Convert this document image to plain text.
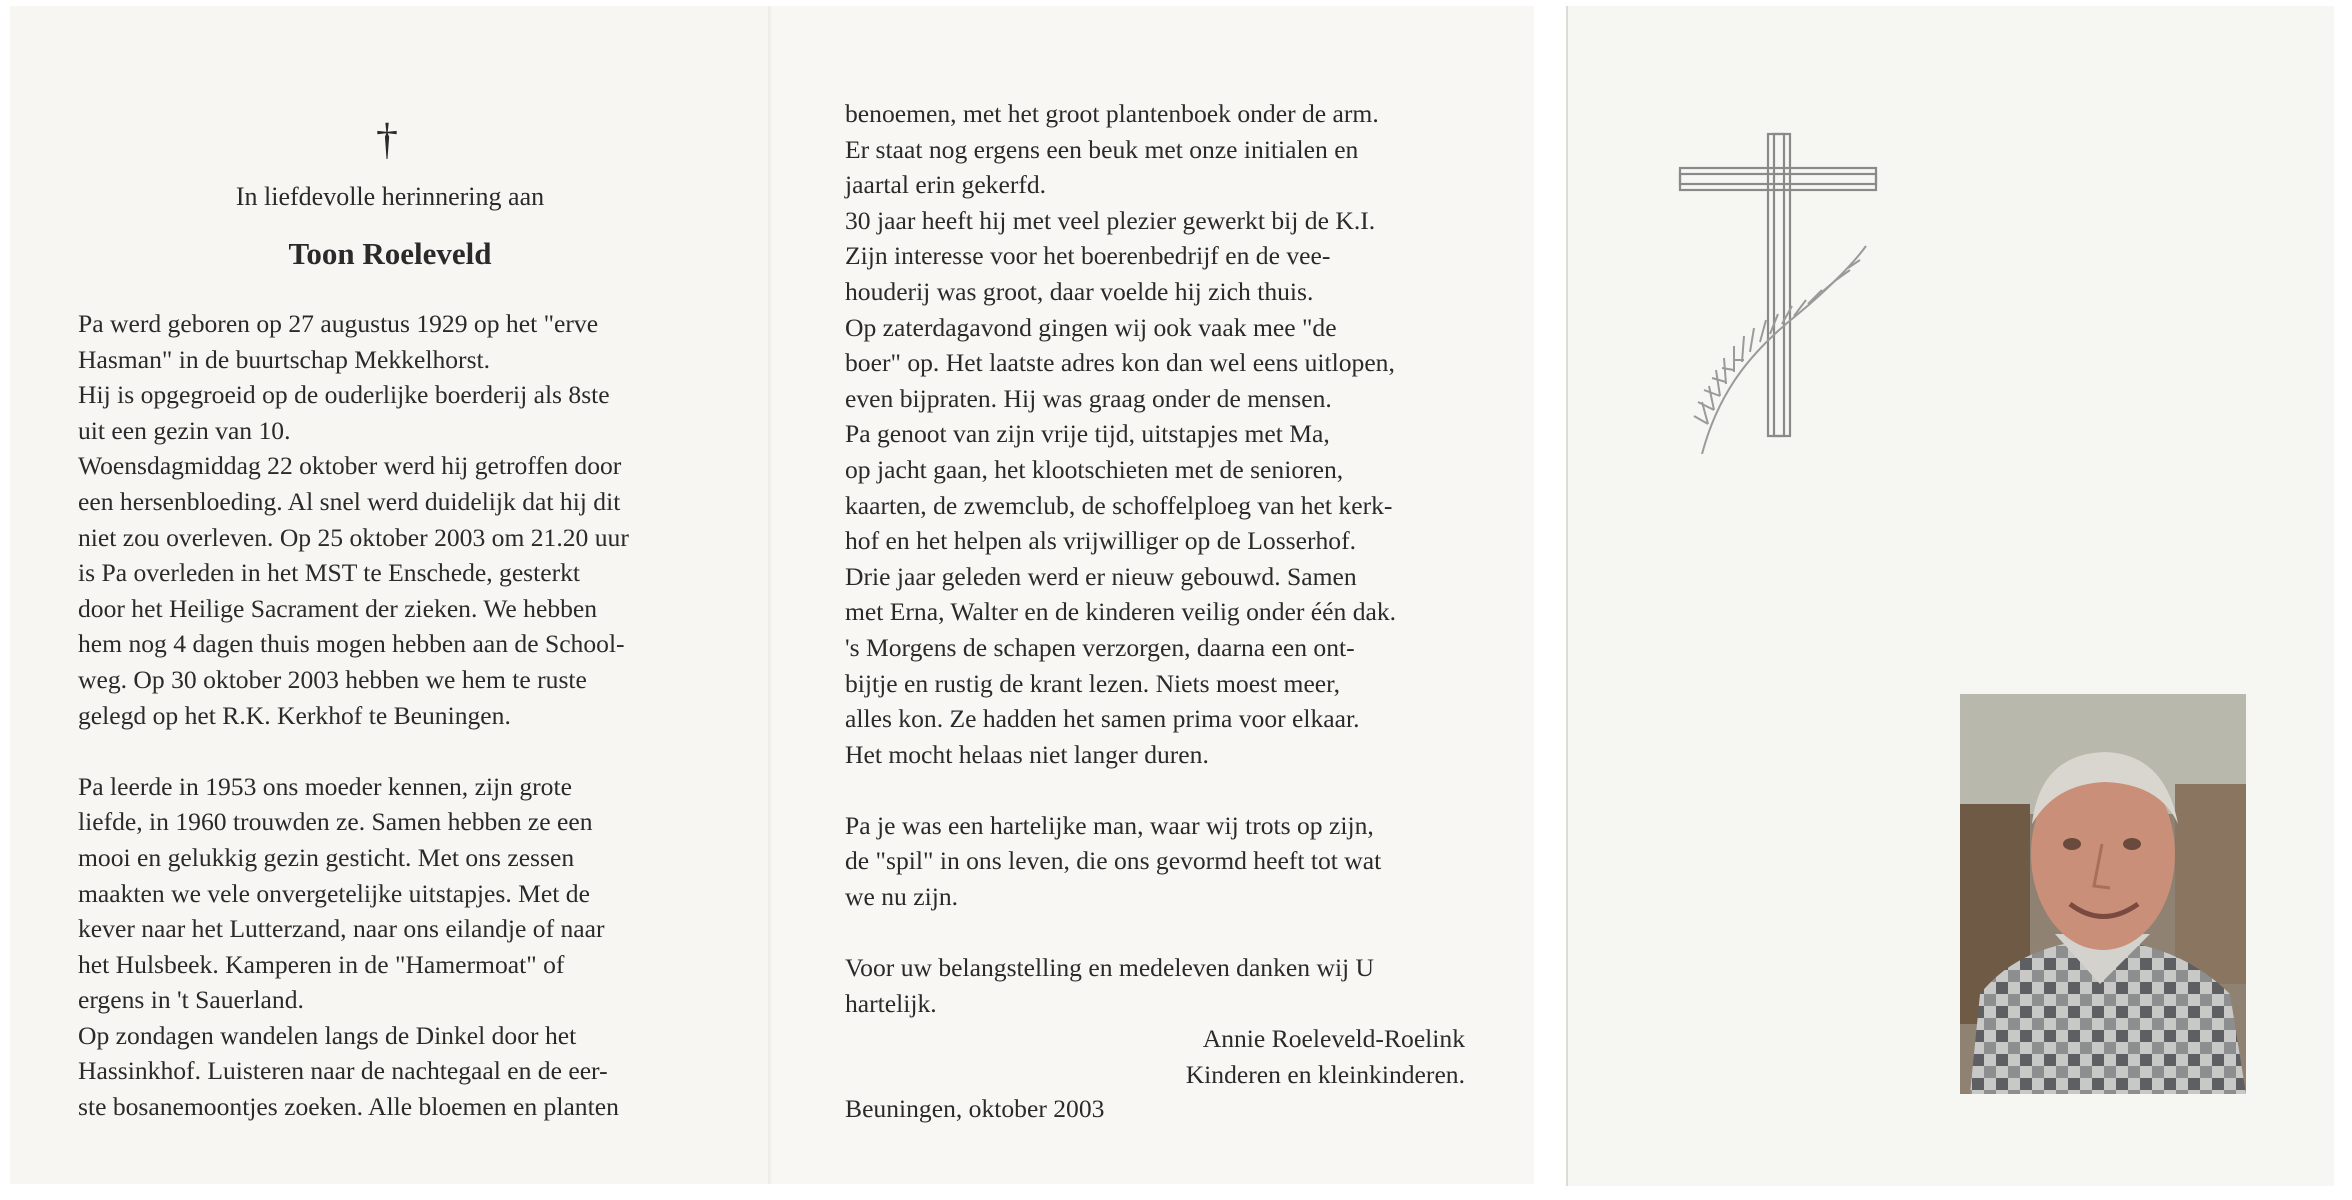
†
In liefdevolle herinnering aan
Toon Roeleveld

Pa werd geboren op 27 augustus 1929 op het "erve

Hasman" in de buurtschap Mekkelhorst.

Hij is opgegroeid op de ouderlijke boerderij als 8ste

uit een gezin van 10.

Woensdagmiddag 22 oktober werd hij getroffen door

een hersenbloeding. Al snel werd duidelijk dat hij dit

niet zou overleven. Op 25 oktober 2003 om 21.20 uur

is Pa overleden in het MST te Enschede, gesterkt

door het Heilige Sacrament der zieken. We hebben

hem nog 4 dagen thuis mogen hebben aan de School-

weg. Op 30 oktober 2003 hebben we hem te ruste

gelegd op het R.K. Kerkhof te Beuningen.

Pa leerde in 1953 ons moeder kennen, zijn grote

liefde, in 1960 trouwden ze. Samen hebben ze een

mooi en gelukkig gezin gesticht. Met ons zessen

maakten we vele onvergetelijke uitstapjes. Met de

kever naar het Lutterzand, naar ons eilandje of naar

het Hulsbeek. Kamperen in de "Hamermoat" of

ergens in 't Sauerland.

Op zondagen wandelen langs de Dinkel door het

Hassinkhof. Luisteren naar de nachtegaal en de eer-

ste bosanemoontjes zoeken. Alle bloemen en planten

benoemen, met het groot plantenboek onder de arm.

Er staat nog ergens een beuk met onze initialen en

jaartal erin gekerfd.

30 jaar heeft hij met veel plezier gewerkt bij de K.I.

Zijn interesse voor het boerenbedrijf en de vee-

houderij was groot, daar voelde hij zich thuis.

Op zaterdagavond gingen wij ook vaak mee "de

boer" op. Het laatste adres kon dan wel eens uitlopen,

even bijpraten. Hij was graag onder de mensen.

Pa genoot van zijn vrije tijd, uitstapjes met Ma,

op jacht gaan, het klootschieten met de senioren,

kaarten, de zwemclub, de schoffelploeg van het kerk-

hof en het helpen als vrijwilliger op de Losserhof.

Drie jaar geleden werd er nieuw gebouwd. Samen

met Erna, Walter en de kinderen veilig onder één dak.

's Morgens de schapen verzorgen, daarna een ont-

bijtje en rustig de krant lezen. Niets moest meer,

alles kon. Ze hadden het samen prima voor elkaar.

Het mocht helaas niet langer duren.

Pa je was een hartelijke man, waar wij trots op zijn,

de "spil" in ons leven, die ons gevormd heeft tot wat

we nu zijn.

Voor uw belangstelling en medeleven danken wij U

hartelijk.

Annie Roeleveld-Roelink

Kinderen en kleinkinderen.

Beuningen, oktober 2003
